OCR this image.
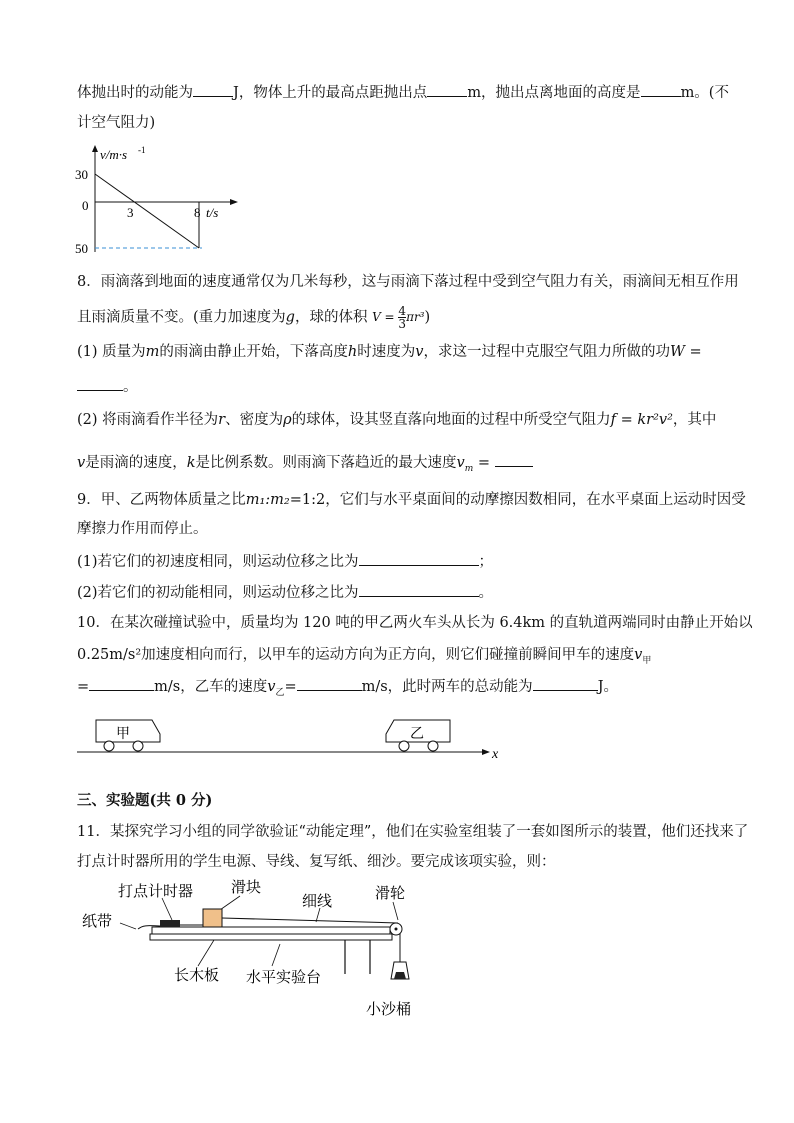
体抛出时的动能为	J，物体上升的最高点距抛出点	m，抛出点离地面的高度是	m。(不
计空气阻力)
v/m·s -1
30
0	3	8 t/s
50
8．雨滴落到地面的速度通常仅为几米每秒，这与雨滴下落过程中受到空气阻力有关，雨滴间无相互作用
且雨滴质量不变。(重力加速度为g，球的体积 $V = \frac{4}{3} \pi r^3$)
(1) 质量为m的雨滴由静止开始，下落高度h时速度为v，求这一过程中克服空气阻力所做的功W =
。
(2) 将雨滴看作半径为r、密度为ρ的球体，设其竖直落向地面的过程中所受空气阻力f = kr²v²，其中
v是雨滴的速度，k是比例系数。则雨滴下落趋近的最大速度$v_m$ =
9．甲、乙两物体质量之比m₁:m₂=1:2，它们与水平桌面间的动摩擦因数相同，在水平桌面上运动时因受
摩擦力作用而停止。
(1)若它们的初速度相同，则运动位移之比为	；
(2)若它们的初动能相同，则运动位移之比为	。
10．在某次碰撞试验中，质量均为 120 吨的甲乙两火车头从长为 6.4km 的直轨道两端同时由静止开始以
0.25m/s²加速度相向而行，以甲车的运动方向为正方向，则它们碰撞前瞬间甲车的速度$v_甲$
=	m/s，乙车的速度$v_乙=$	m/s，此时两车的总动能为	J。
甲	乙
x
三、实验题(共 0 分)
11．某探究学习小组的同学欲验证“动能定理”，他们在实验室组装了一套如图所示的装置，他们还找来了
打点计时器所用的学生电源、导线、复写纸、细沙。要完成该项实验，则：
打点计时器	滑块
细线	滑轮
纸带
长木板 水平实验台
小沙桶
